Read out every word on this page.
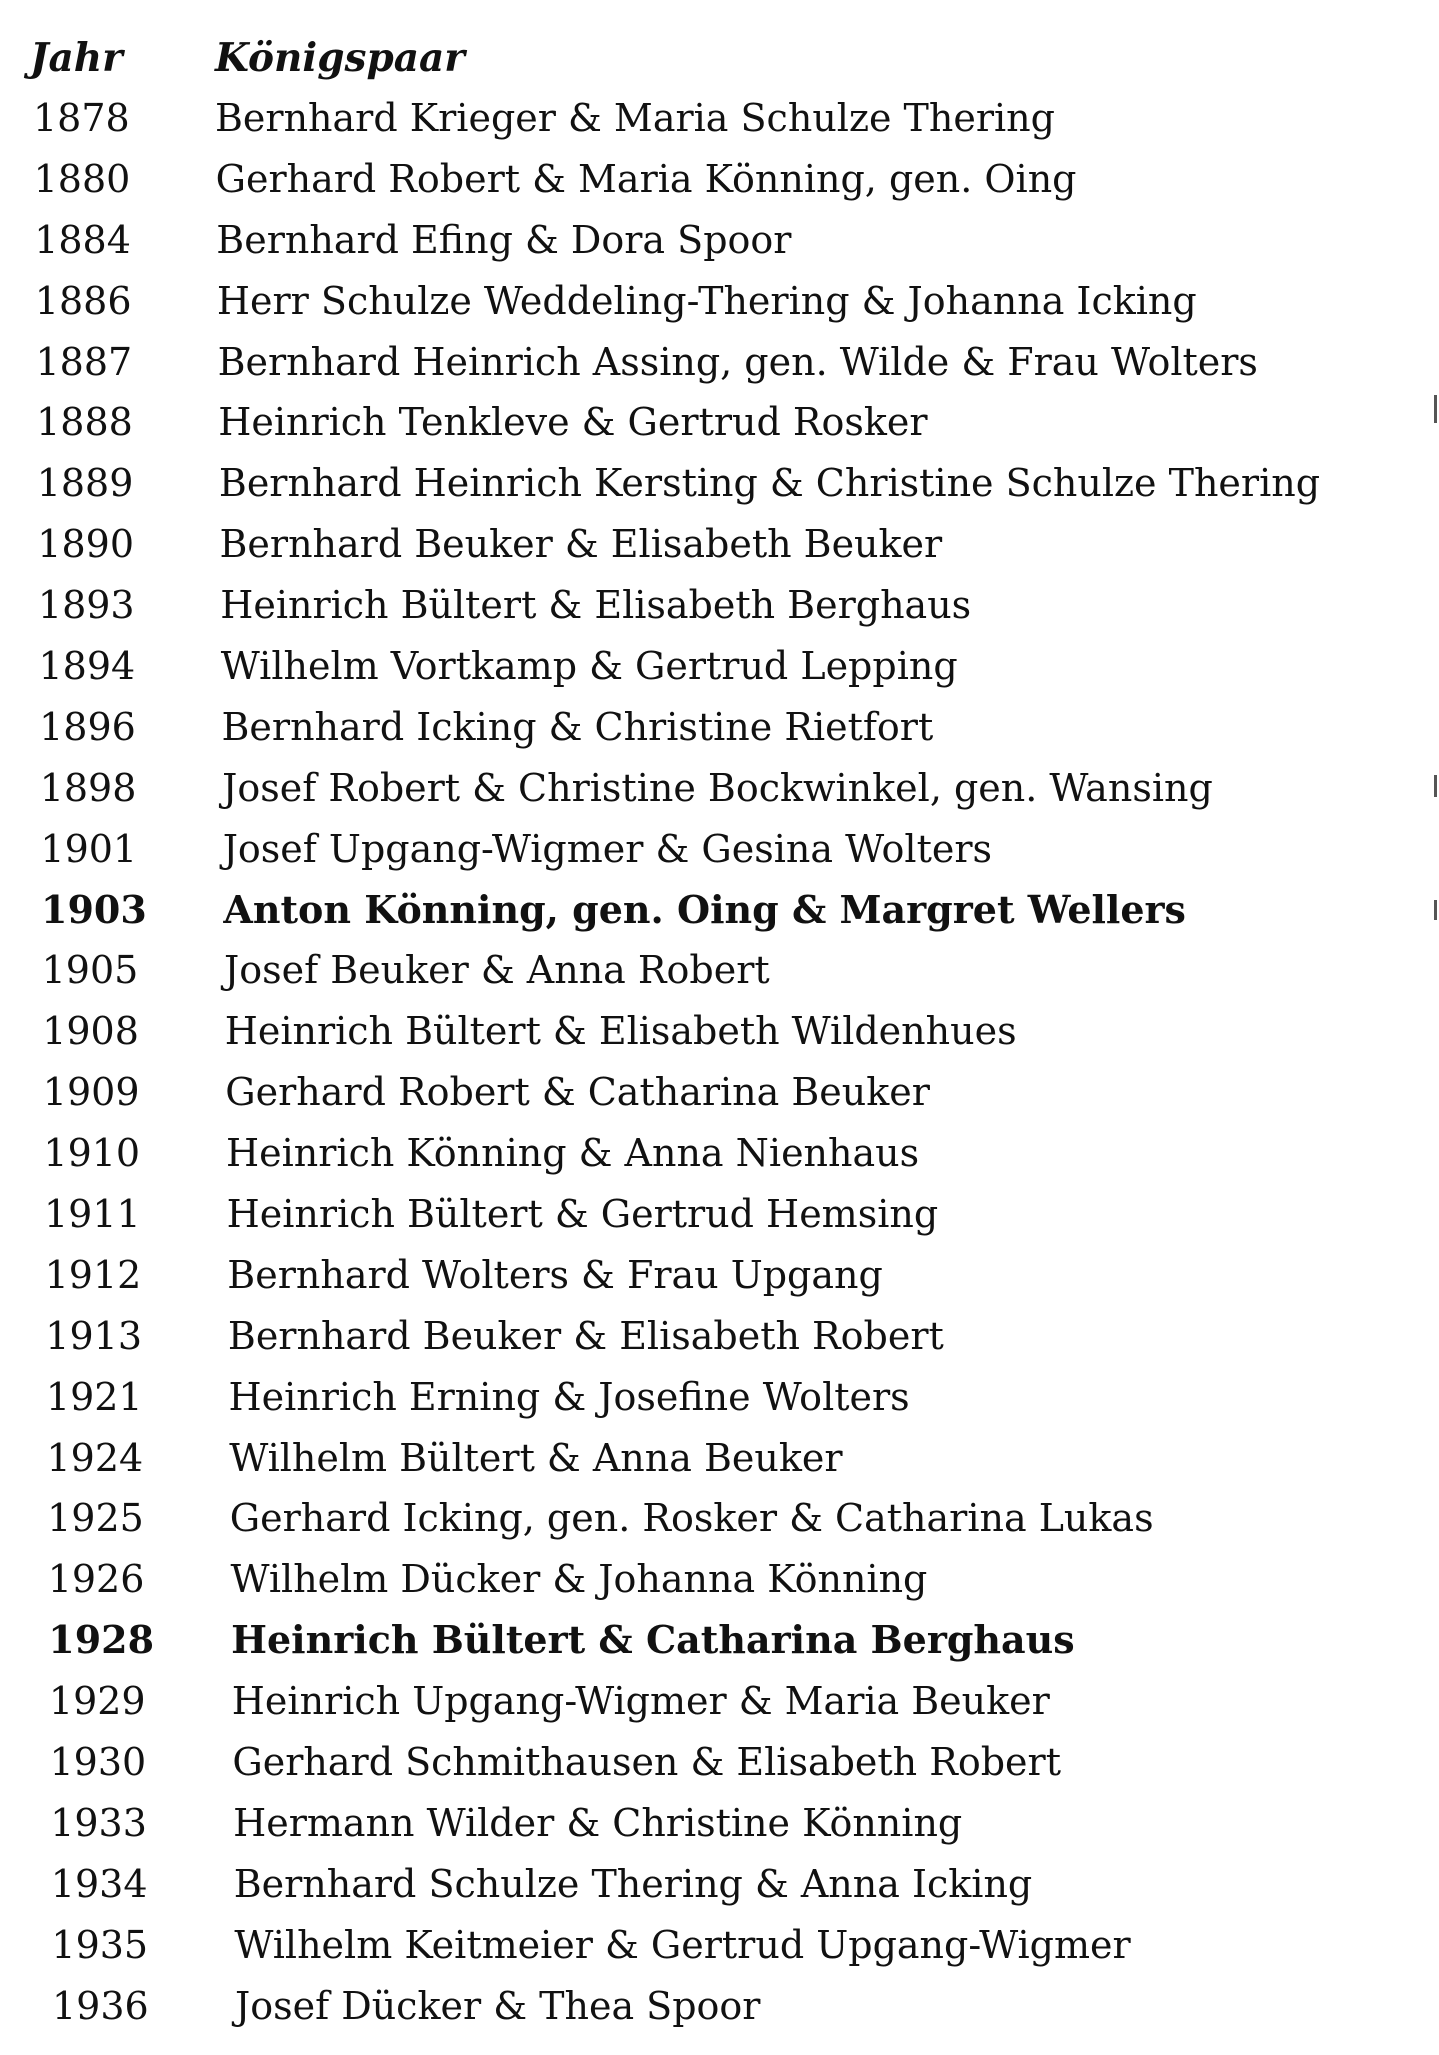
Jahr Königspaar
1878 Bernhard Krieger & Maria Schulze Thering
1880 Gerhard Robert & Maria Könning, gen. Oing
1884 Bernhard Efing & Dora Spoor
1886 Herr Schulze Weddeling-Thering & Johanna Icking
1887 Bernhard Heinrich Assing, gen. Wilde & Frau Wolters
1888 Heinrich Tenkleve & Gertrud Rosker
1889 Bernhard Heinrich Kersting & Christine Schulze Thering
1890 Bernhard Beuker & Elisabeth Beuker
1893 Heinrich Bültert & Elisabeth Berghaus
1894 Wilhelm Vortkamp & Gertrud Lepping
1896 Bernhard Icking & Christine Rietfort
1898 Josef Robert & Christine Bockwinkel, gen. Wansing
1901 Josef Upgang-Wigmer & Gesina Wolters
1903 Anton Könning, gen. Oing & Margret Wellers
1905 Josef Beuker & Anna Robert
1908 Heinrich Bültert & Elisabeth Wildenhues
1909 Gerhard Robert & Catharina Beuker
1910 Heinrich Könning & Anna Nienhaus
1911 Heinrich Bültert & Gertrud Hemsing
1912 Bernhard Wolters & Frau Upgang
1913 Bernhard Beuker & Elisabeth Robert
1921 Heinrich Erning & Josefine Wolters
1924 Wilhelm Bültert & Anna Beuker
1925 Gerhard Icking, gen. Rosker & Catharina Lukas
1926 Wilhelm Dücker & Johanna Könning
1928 Heinrich Bültert & Catharina Berghaus
1929 Heinrich Upgang-Wigmer & Maria Beuker
1930 Gerhard Schmithausen & Elisabeth Robert
1933 Hermann Wilder & Christine Könning
1934 Bernhard Schulze Thering & Anna Icking
1935 Wilhelm Keitmeier & Gertrud Upgang-Wigmer
1936 Josef Dücker & Thea Spoor
